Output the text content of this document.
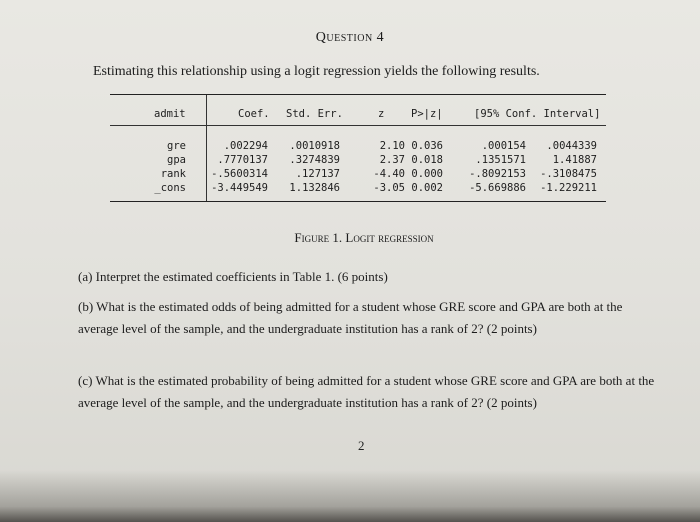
Question 4
Estimating this relationship using a logit regression yields the following results.
admit	Coef. Std. Err.	z	P>|z|	[95% Conf. Interval]
gre	.002294 .0010918	2.10 0.036	.000154 .0044339
gpa	.7770137 .3274839	2.37 0.018	.1351571	1.41887
rank -.5600314	.127137	-4.40 0.000 -.8092153 -.3108475
_cons -3.449549 1.132846	-3.05 0.002 -5.669886 -1.229211
Figure 1. Logit regression
(a) Interpret the estimated coefficients in Table 1. (6 points)
(b) What is the estimated odds of being admitted for a student whose GRE score and GPA are both at the average level of the sample, and the undergraduate institution has a rank of 2? (2 points)
(c) What is the estimated probability of being admitted for a student whose GRE score and GPA are both at the average level of the sample, and the undergraduate institution has a rank of 2? (2 points)
2
